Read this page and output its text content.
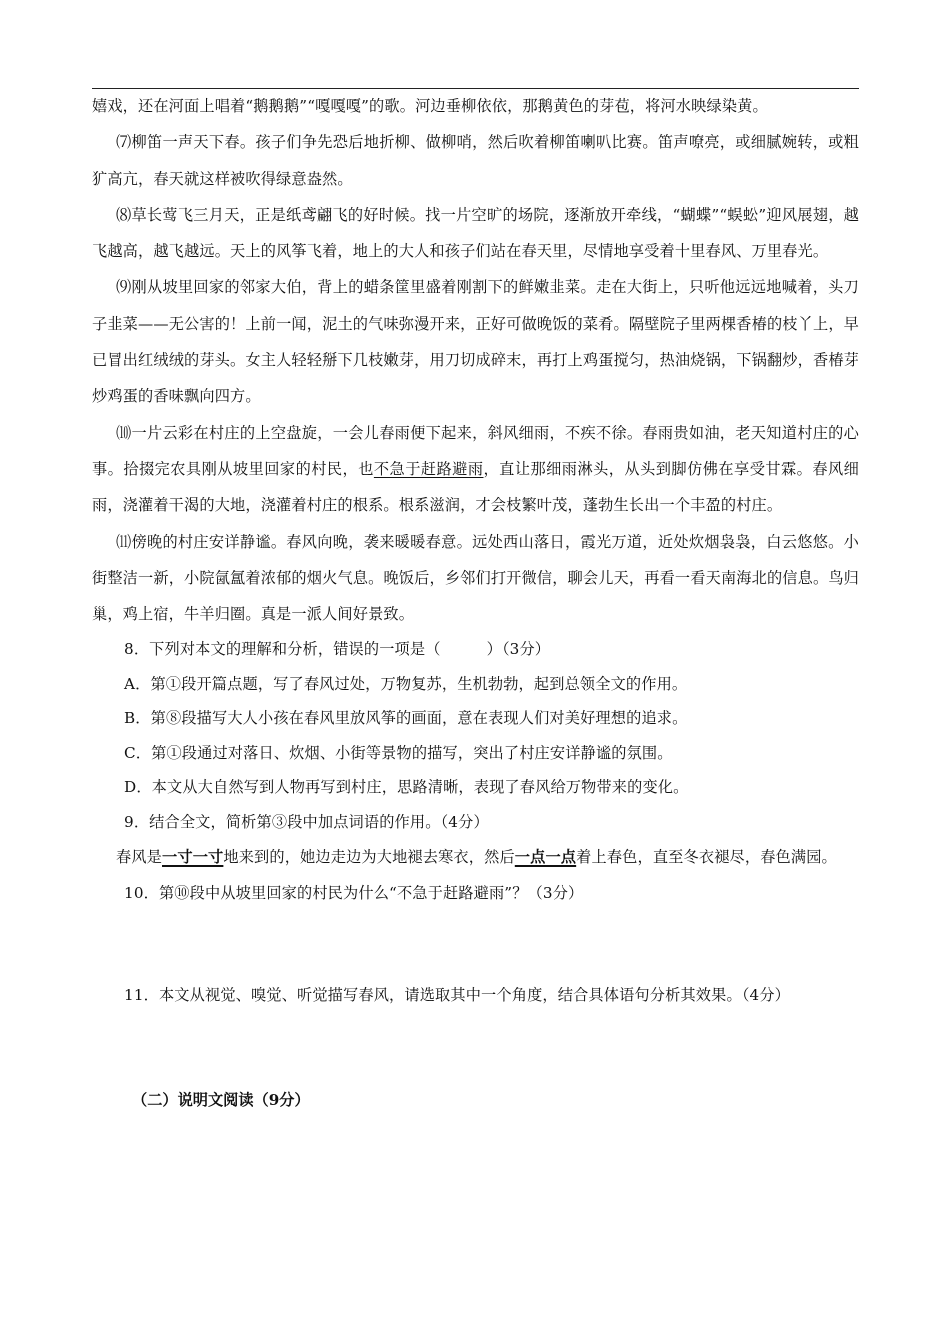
嬉戏，还在河面上唱着“鹅鹅鹅”“嘎嘎嘎”的歌。河边垂柳依依，那鹅黄色的芽苞，将河水映绿染黄。

⑺柳笛一声天下春。孩子们争先恐后地折柳、做柳哨，然后吹着柳笛喇叭比赛。笛声嘹亮，或细腻婉转，或粗犷高亢，春天就这样被吹得绿意盎然。

⑻草长莺飞三月天，正是纸鸢翩飞的好时候。找一片空旷的场院，逐渐放开牵线，“蝴蝶”“蜈蚣”迎风展翅，越飞越高，越飞越远。天上的风筝飞着，地上的大人和孩子们站在春天里，尽情地享受着十里春风、万里春光。

⑼刚从坡里回家的邻家大伯，背上的蜡条筐里盛着刚割下的鲜嫩韭菜。走在大街上，只听他远远地喊着，头刀子韭菜——无公害的！上前一闻，泥土的气味弥漫开来，正好可做晚饭的菜肴。隔壁院子里两棵香椿的枝丫上，早已冒出红绒绒的芽头。女主人轻轻掰下几枝嫩芽，用刀切成碎末，再打上鸡蛋搅匀，热油烧锅，下锅翻炒，香椿芽炒鸡蛋的香味飘向四方。

⑽一片云彩在村庄的上空盘旋，一会儿春雨便下起来，斜风细雨，不疾不徐。春雨贵如油，老天知道村庄的心事。拾掇完农具刚从坡里回家的村民，也不急于赶路避雨，直让那细雨淋头，从头到脚仿佛在享受甘霖。春风细雨，浇灌着干渴的大地，浇灌着村庄的根系。根系滋润，才会枝繁叶茂，蓬勃生长出一个丰盈的村庄。

⑾傍晚的村庄安详静谧。春风向晚，袭来暖暖春意。远处西山落日，霞光万道，近处炊烟袅袅，白云悠悠。小街整洁一新，小院氤氲着浓郁的烟火气息。晚饭后，乡邻们打开微信，聊会儿天，再看一看天南海北的信息。鸟归巢，鸡上宿，牛羊归圈。真是一派人间好景致。

8．下列对本文的理解和分析，错误的一项是（　　　）（3分）

A．第①段开篇点题，写了春风过处，万物复苏，生机勃勃，起到总领全文的作用。

B．第⑧段描写大人小孩在春风里放风筝的画面，意在表现人们对美好理想的追求。

C．第①段通过对落日、炊烟、小街等景物的描写，突出了村庄安详静谧的氛围。

D．本文从大自然写到人物再写到村庄，思路清晰，表现了春风给万物带来的变化。

9．结合全文，简析第③段中加点词语的作用。（4分）

春风是一寸一寸地来到的，她边走边为大地褪去寒衣，然后一点一点着上春色，直至冬衣褪尽，春色满园。

10．第⑩段中从坡里回家的村民为什么“不急于赶路避雨”？（3分）

11．本文从视觉、嗅觉、听觉描写春风，请选取其中一个角度，结合具体语句分析其效果。（4分）

（二）说明文阅读（9分）
